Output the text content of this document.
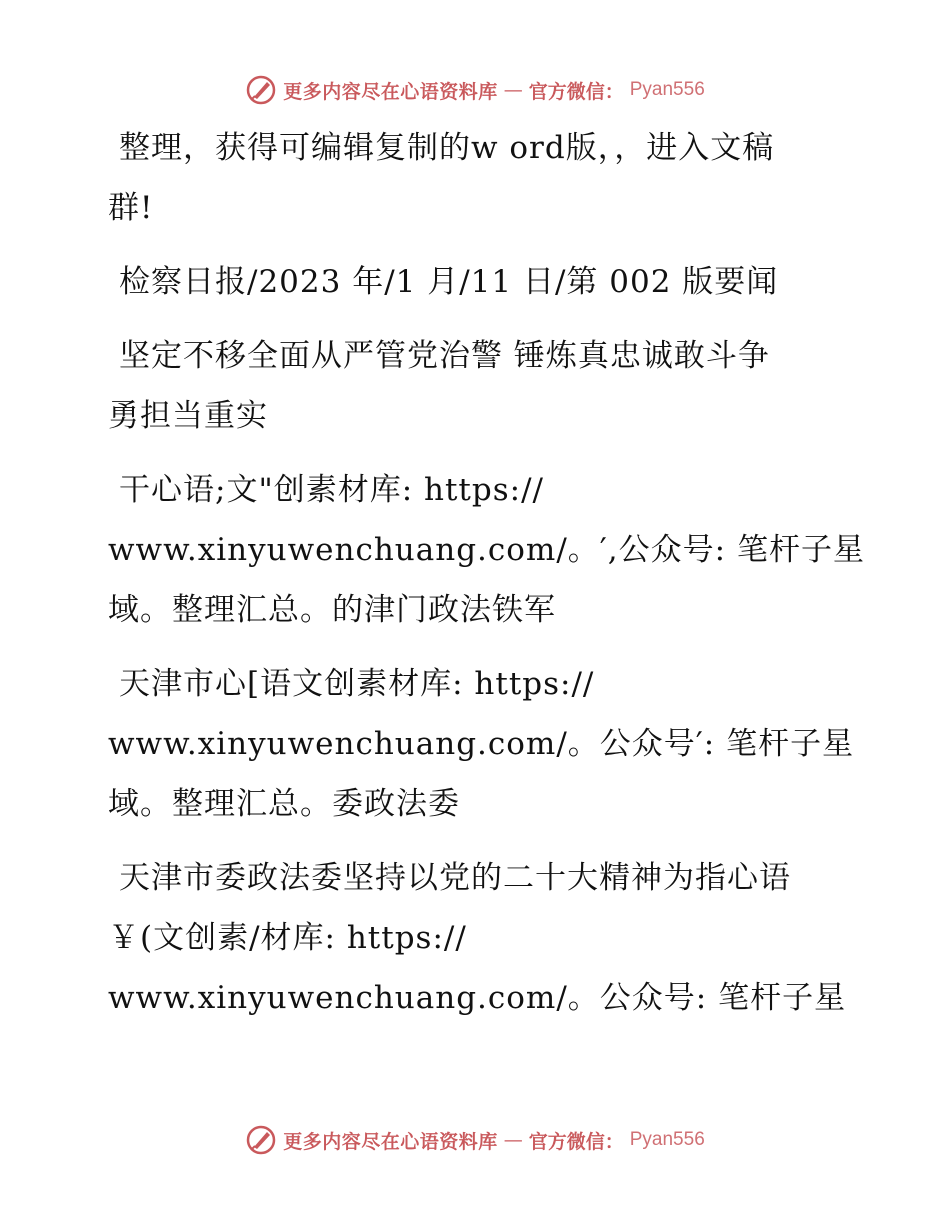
更多内容尽在心语资料库 — 官方微信： Pyan556

整理，获得可编辑复制的w ord版，，进入文稿
群!

检察日报/2023 年/1 月/11 日/第 002 版要闻

坚定不移全面从严管党治警 锤炼真忠诚敢斗争
勇担当重实

干心语;文"创素材库: https://
www.xinyuwenchuang.com/。′,公众号: 笔杆子星
域。整理汇总。的津门政法铁军

天津市心[语文创素材库: https://
www.xinyuwenchuang.com/。公众号′: 笔杆子星
域。整理汇总。委政法委

天津市委政法委坚持以党的二十大精神为指心语
￥(文创素/材库: https://
www.xinyuwenchuang.com/。公众号: 笔杆子星

更多内容尽在心语资料库 — 官方微信： Pyan556
